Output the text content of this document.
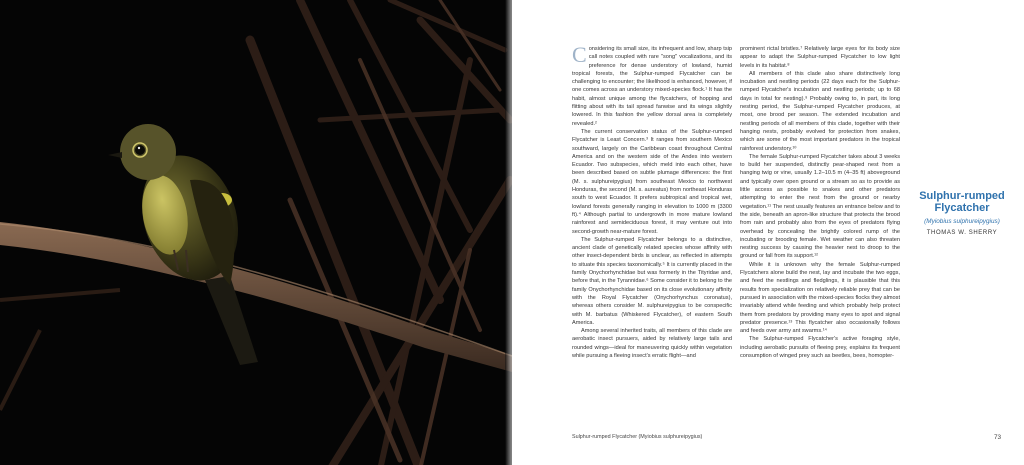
Considering its small size, its infrequent and low, sharp tsip call notes coupled with rare "song" vocalizations, and its preference for dense understory of lowland, humid tropical forests, the Sulphur-rumped Flycatcher can be challenging to encounter; the likelihood is enhanced, however, if one comes across an understory mixed-species flock.¹ It has the habit, almost unique among the flycatchers, of hopping and flitting about with its tail spread fanwise and its wings slightly lowered. In this fashion the yellow dorsal area is completely revealed.²

The current conservation status of the Sulphur-rumped Flycatcher is Least Concern.³ It ranges from southern Mexico southward, largely on the Caribbean coast throughout Central America and on the western side of the Andes into western Ecuador. Two subspecies, which meld into each other, have been described based on subtle plumage differences: the first (M. s. sulphureipygius) from southeast Mexico to northwest Honduras, the second (M. s. aureatus) from northeast Honduras south to west Ecuador. It prefers subtropical and tropical wet, lowland forests generally ranging in elevation to 1000 m (3300 ft).⁴ Although partial to undergrowth in more mature lowland rainforest and semideciduous forest, it may venture out into second-growth near-mature forest.

The Sulphur-rumped Flycatcher belongs to a distinctive, ancient clade of genetically related species whose affinity with other insect-dependent birds is unclear, as reflected in attempts to situate this species taxonomically.⁵ It is currently placed in the family Onychorhynchidae but was formerly in the Tityridae and, before that, in the Tyrannidae.⁶ Some consider it to belong to the family Onychorhynchidae based on its close evolutionary affinity with the Royal Flycatcher (Onychorhynchus coronatus), whereas others consider M. sulphureipygius to be conspecific with M. barbatus (Whiskered Flycatcher), of eastern South America.

Among several inherited traits, all members of this clade are aerobatic insect pursuers, aided by relatively large tails and rounded wings—ideal for maneuvering quickly within vegetation while pursuing a fleeing insect's erratic flight—and

prominent rictal bristles.⁷ Relatively large eyes for its body size appear to adapt the Sulphur-rumped Flycatcher to low light levels in its habitat.⁸

All members of this clade also share distinctively long incubation and nestling periods (22 days each for the Sulphur-rumped Flycatcher's incubation and nestling periods; up to 68 days in total for nesting).⁹ Probably owing to, in part, its long nesting period, the Sulphur-rumped Flycatcher produces, at most, one brood per season. The extended incubation and nestling periods of all members of this clade, together with their hanging nests, probably evolved for protection from snakes, which are some of the most important predators in the tropical rainforest understory.¹⁰

The female Sulphur-rumped Flycatcher takes about 3 weeks to build her suspended, distinctly pear-shaped nest from a hanging twig or vine, usually 1.2–10.5 m (4–35 ft) aboveground and typically over open ground or a stream so as to provide as little access as possible to snakes and other predators attempting to enter the nest from the ground or nearby vegetation.¹¹ The nest usually features an entrance below and to the side, beneath an apron-like structure that protects the brood from rain and probably also from the eyes of predators flying overhead by concealing the brightly colored rump of the incubating or brooding female. Wet weather can also threaten nesting success by causing the heavier nest to droop to the ground or fall from its support.¹²

While it is unknown why the female Sulphur-rumped Flycatchers alone build the nest, lay and incubate the two eggs, and feed the nestlings and fledglings, it is plausible that this results from specialization on relatively reliable prey that can be pursued in association with the mixed-species flocks they almost invariably attend while feeding and which probably help protect them from predators by providing many eyes to spot and signal predator presence.¹³ This flycatcher also occasionally follows and feeds over army ant swarms.¹⁴

The Sulphur-rumped Flycatcher's active foraging style, including aerobatic pursuits of fleeing prey, explains its frequent consumption of winged prey such as beetles, bees, homopter-

Sulphur-rumped Flycatcher
(Myiobius sulphureipygius)
THOMAS W. SHERRY
Sulphur-rumped Flycatcher (Myiobius sulphureipygius)	73
